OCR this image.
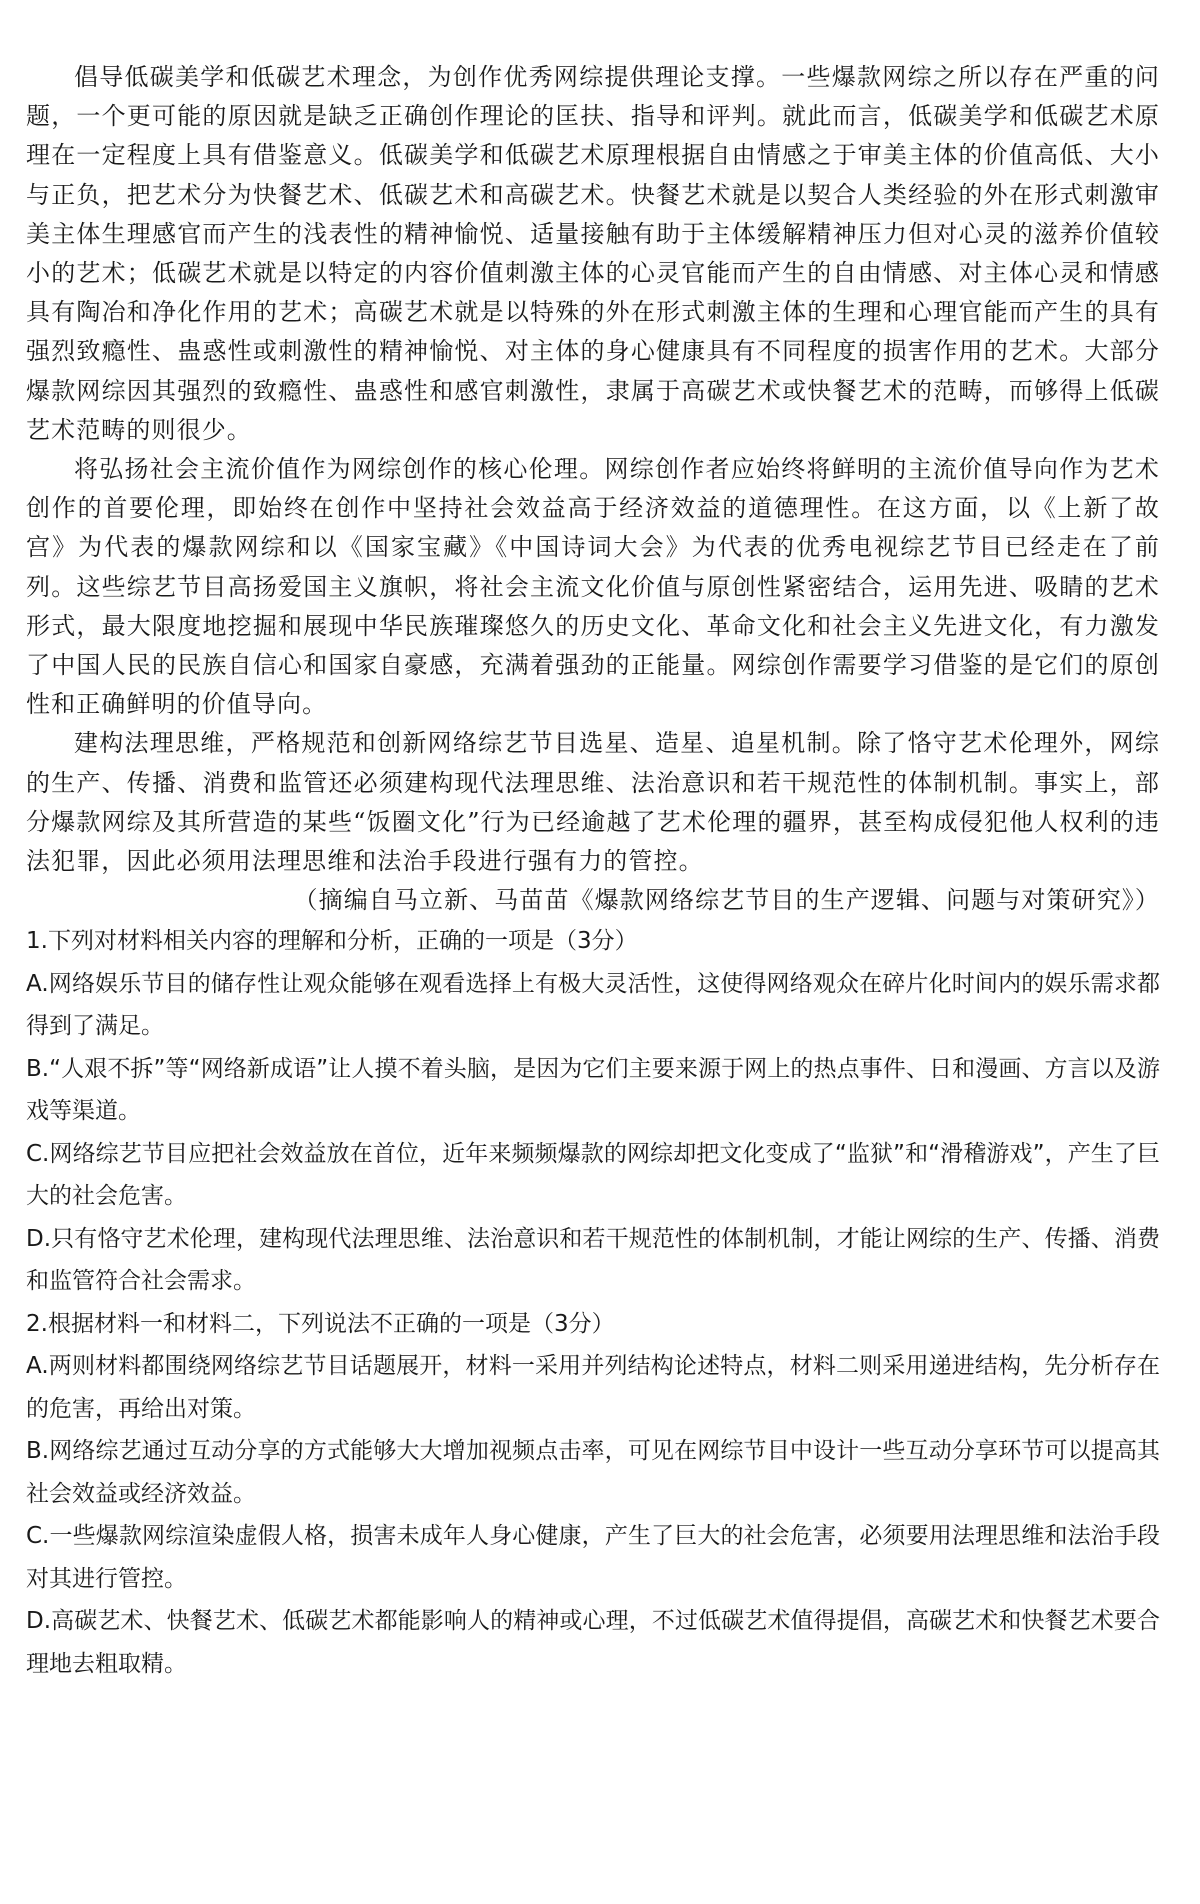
倡导低碳美学和低碳艺术理念，为创作优秀网综提供理论支撑。一些爆款网综之所以存在严重的问题，一个更可能的原因就是缺乏正确创作理论的匡扶、指导和评判。就此而言，低碳美学和低碳艺术原理在一定程度上具有借鉴意义。低碳美学和低碳艺术原理根据自由情感之于审美主体的价值高低、大小与正负，把艺术分为快餐艺术、低碳艺术和高碳艺术。快餐艺术就是以契合人类经验的外在形式刺激审美主体生理感官而产生的浅表性的精神愉悦、适量接触有助于主体缓解精神压力但对心灵的滋养价值较小的艺术；低碳艺术就是以特定的内容价值刺激主体的心灵官能而产生的自由情感、对主体心灵和情感具有陶冶和净化作用的艺术；高碳艺术就是以特殊的外在形式刺激主体的生理和心理官能而产生的具有强烈致瘾性、蛊惑性或刺激性的精神愉悦、对主体的身心健康具有不同程度的损害作用的艺术。大部分爆款网综因其强烈的致瘾性、蛊惑性和感官刺激性，隶属于高碳艺术或快餐艺术的范畴，而够得上低碳艺术范畴的则很少。

将弘扬社会主流价值作为网综创作的核心伦理。网综创作者应始终将鲜明的主流价值导向作为艺术创作的首要伦理，即始终在创作中坚持社会效益高于经济效益的道德理性。在这方面，以《上新了故宫》为代表的爆款网综和以《国家宝藏》《中国诗词大会》为代表的优秀电视综艺节目已经走在了前列。这些综艺节目高扬爱国主义旗帜，将社会主流文化价值与原创性紧密结合，运用先进、吸睛的艺术形式，最大限度地挖掘和展现中华民族璀璨悠久的历史文化、革命文化和社会主义先进文化，有力激发了中国人民的民族自信心和国家自豪感，充满着强劲的正能量。网综创作需要学习借鉴的是它们的原创性和正确鲜明的价值导向。

建构法理思维，严格规范和创新网络综艺节目选星、造星、追星机制。除了恪守艺术伦理外，网综的生产、传播、消费和监管还必须建构现代法理思维、法治意识和若干规范性的体制机制。事实上，部分爆款网综及其所营造的某些“饭圈文化”行为已经逾越了艺术伦理的疆界，甚至构成侵犯他人权利的违法犯罪，因此必须用法理思维和法治手段进行强有力的管控。

（摘编自马立新、马苗苗《爆款网络综艺节目的生产逻辑、问题与对策研究》）

1.下列对材料相关内容的理解和分析，正确的一项是（3分）

A.网络娱乐节目的储存性让观众能够在观看选择上有极大灵活性，这使得网络观众在碎片化时间内的娱乐需求都得到了满足。

B.“人艰不拆”等“网络新成语”让人摸不着头脑，是因为它们主要来源于网上的热点事件、日和漫画、方言以及游戏等渠道。

C.网络综艺节目应把社会效益放在首位，近年来频频爆款的网综却把文化变成了“监狱”和“滑稽游戏”，产生了巨大的社会危害。

D.只有恪守艺术伦理，建构现代法理思维、法治意识和若干规范性的体制机制，才能让网综的生产、传播、消费和监管符合社会需求。

2.根据材料一和材料二，下列说法不正确的一项是（3分）

A.两则材料都围绕网络综艺节目话题展开，材料一采用并列结构论述特点，材料二则采用递进结构，先分析存在的危害，再给出对策。

B.网络综艺通过互动分享的方式能够大大增加视频点击率，可见在网综节目中设计一些互动分享环节可以提高其社会效益或经济效益。

C.一些爆款网综渲染虚假人格，损害未成年人身心健康，产生了巨大的社会危害，必须要用法理思维和法治手段对其进行管控。

D.高碳艺术、快餐艺术、低碳艺术都能影响人的精神或心理，不过低碳艺术值得提倡，高碳艺术和快餐艺术要合理地去粗取精。
